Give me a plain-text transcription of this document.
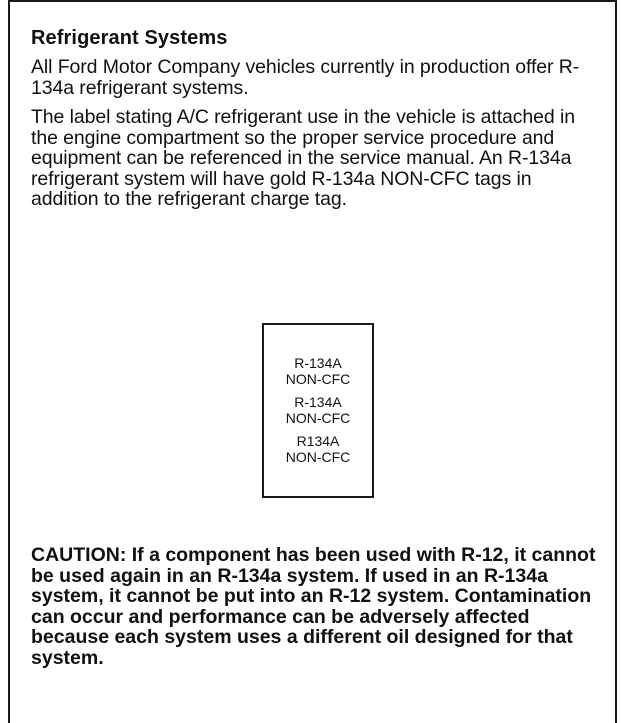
Refrigerant Systems

All Ford Motor Company vehicles currently in production offer R-134a refrigerant systems.

The label stating A/C refrigerant use in the vehicle is attached in the engine compartment so the proper service procedure and equipment can be referenced in the service manual. An R-134a refrigerant system will have gold R-134a NON-CFC tags in addition to the refrigerant charge tag.

R-134A
NON-CFC
R-134A
NON-CFC
R134A
NON-CFC

CAUTION: If a component has been used with R-12, it cannot be used again in an R-134a system. If used in an R-134a system, it cannot be put into an R-12 system. Contamination can occur and performance can be adversely affected because each system uses a different oil designed for that system.
